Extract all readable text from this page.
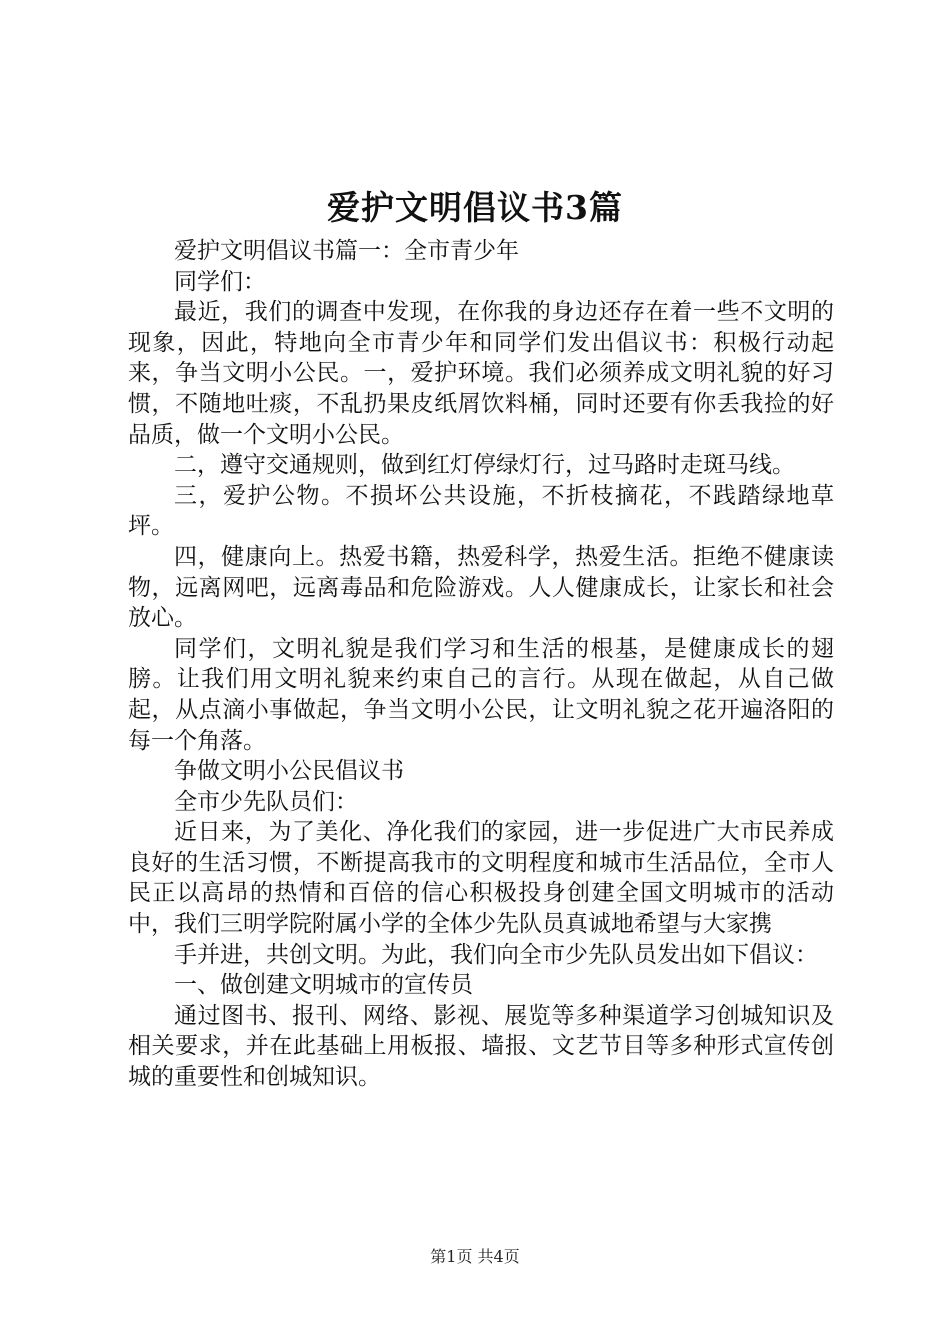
爱护文明倡议书3篇

爱护文明倡议书篇一：全市青少年

同学们：

最近，我们的调查中发现，在你我的身边还存在着一些不文明的现象，因此，特地向全市青少年和同学们发出倡议书：积极行动起来，争当文明小公民。一，爱护环境。我们必须养成文明礼貌的好习惯，不随地吐痰，不乱扔果皮纸屑饮料桶，同时还要有你丢我捡的好品质，做一个文明小公民。

二，遵守交通规则，做到红灯停绿灯行，过马路时走斑马线。

三，爱护公物。不损坏公共设施，不折枝摘花，不践踏绿地草坪。

四，健康向上。热爱书籍，热爱科学，热爱生活。拒绝不健康读物，远离网吧，远离毒品和危险游戏。人人健康成长，让家长和社会放心。

同学们，文明礼貌是我们学习和生活的根基，是健康成长的翅膀。让我们用文明礼貌来约束自己的言行。从现在做起，从自己做起，从点滴小事做起，争当文明小公民，让文明礼貌之花开遍洛阳的每一个角落。

争做文明小公民倡议书

全市少先队员们：

近日来，为了美化、净化我们的家园，进一步促进广大市民养成良好的生活习惯，不断提高我市的文明程度和城市生活品位，全市人民正以高昂的热情和百倍的信心积极投身创建全国文明城市的活动中，我们三明学院附属小学的全体少先队员真诚地希望与大家携

手并进，共创文明。为此，我们向全市少先队员发出如下倡议：

一、做创建文明城市的宣传员

通过图书、报刊、网络、影视、展览等多种渠道学习创城知识及相关要求，并在此基础上用板报、墙报、文艺节目等多种形式宣传创城的重要性和创城知识。

第1页 共4页
